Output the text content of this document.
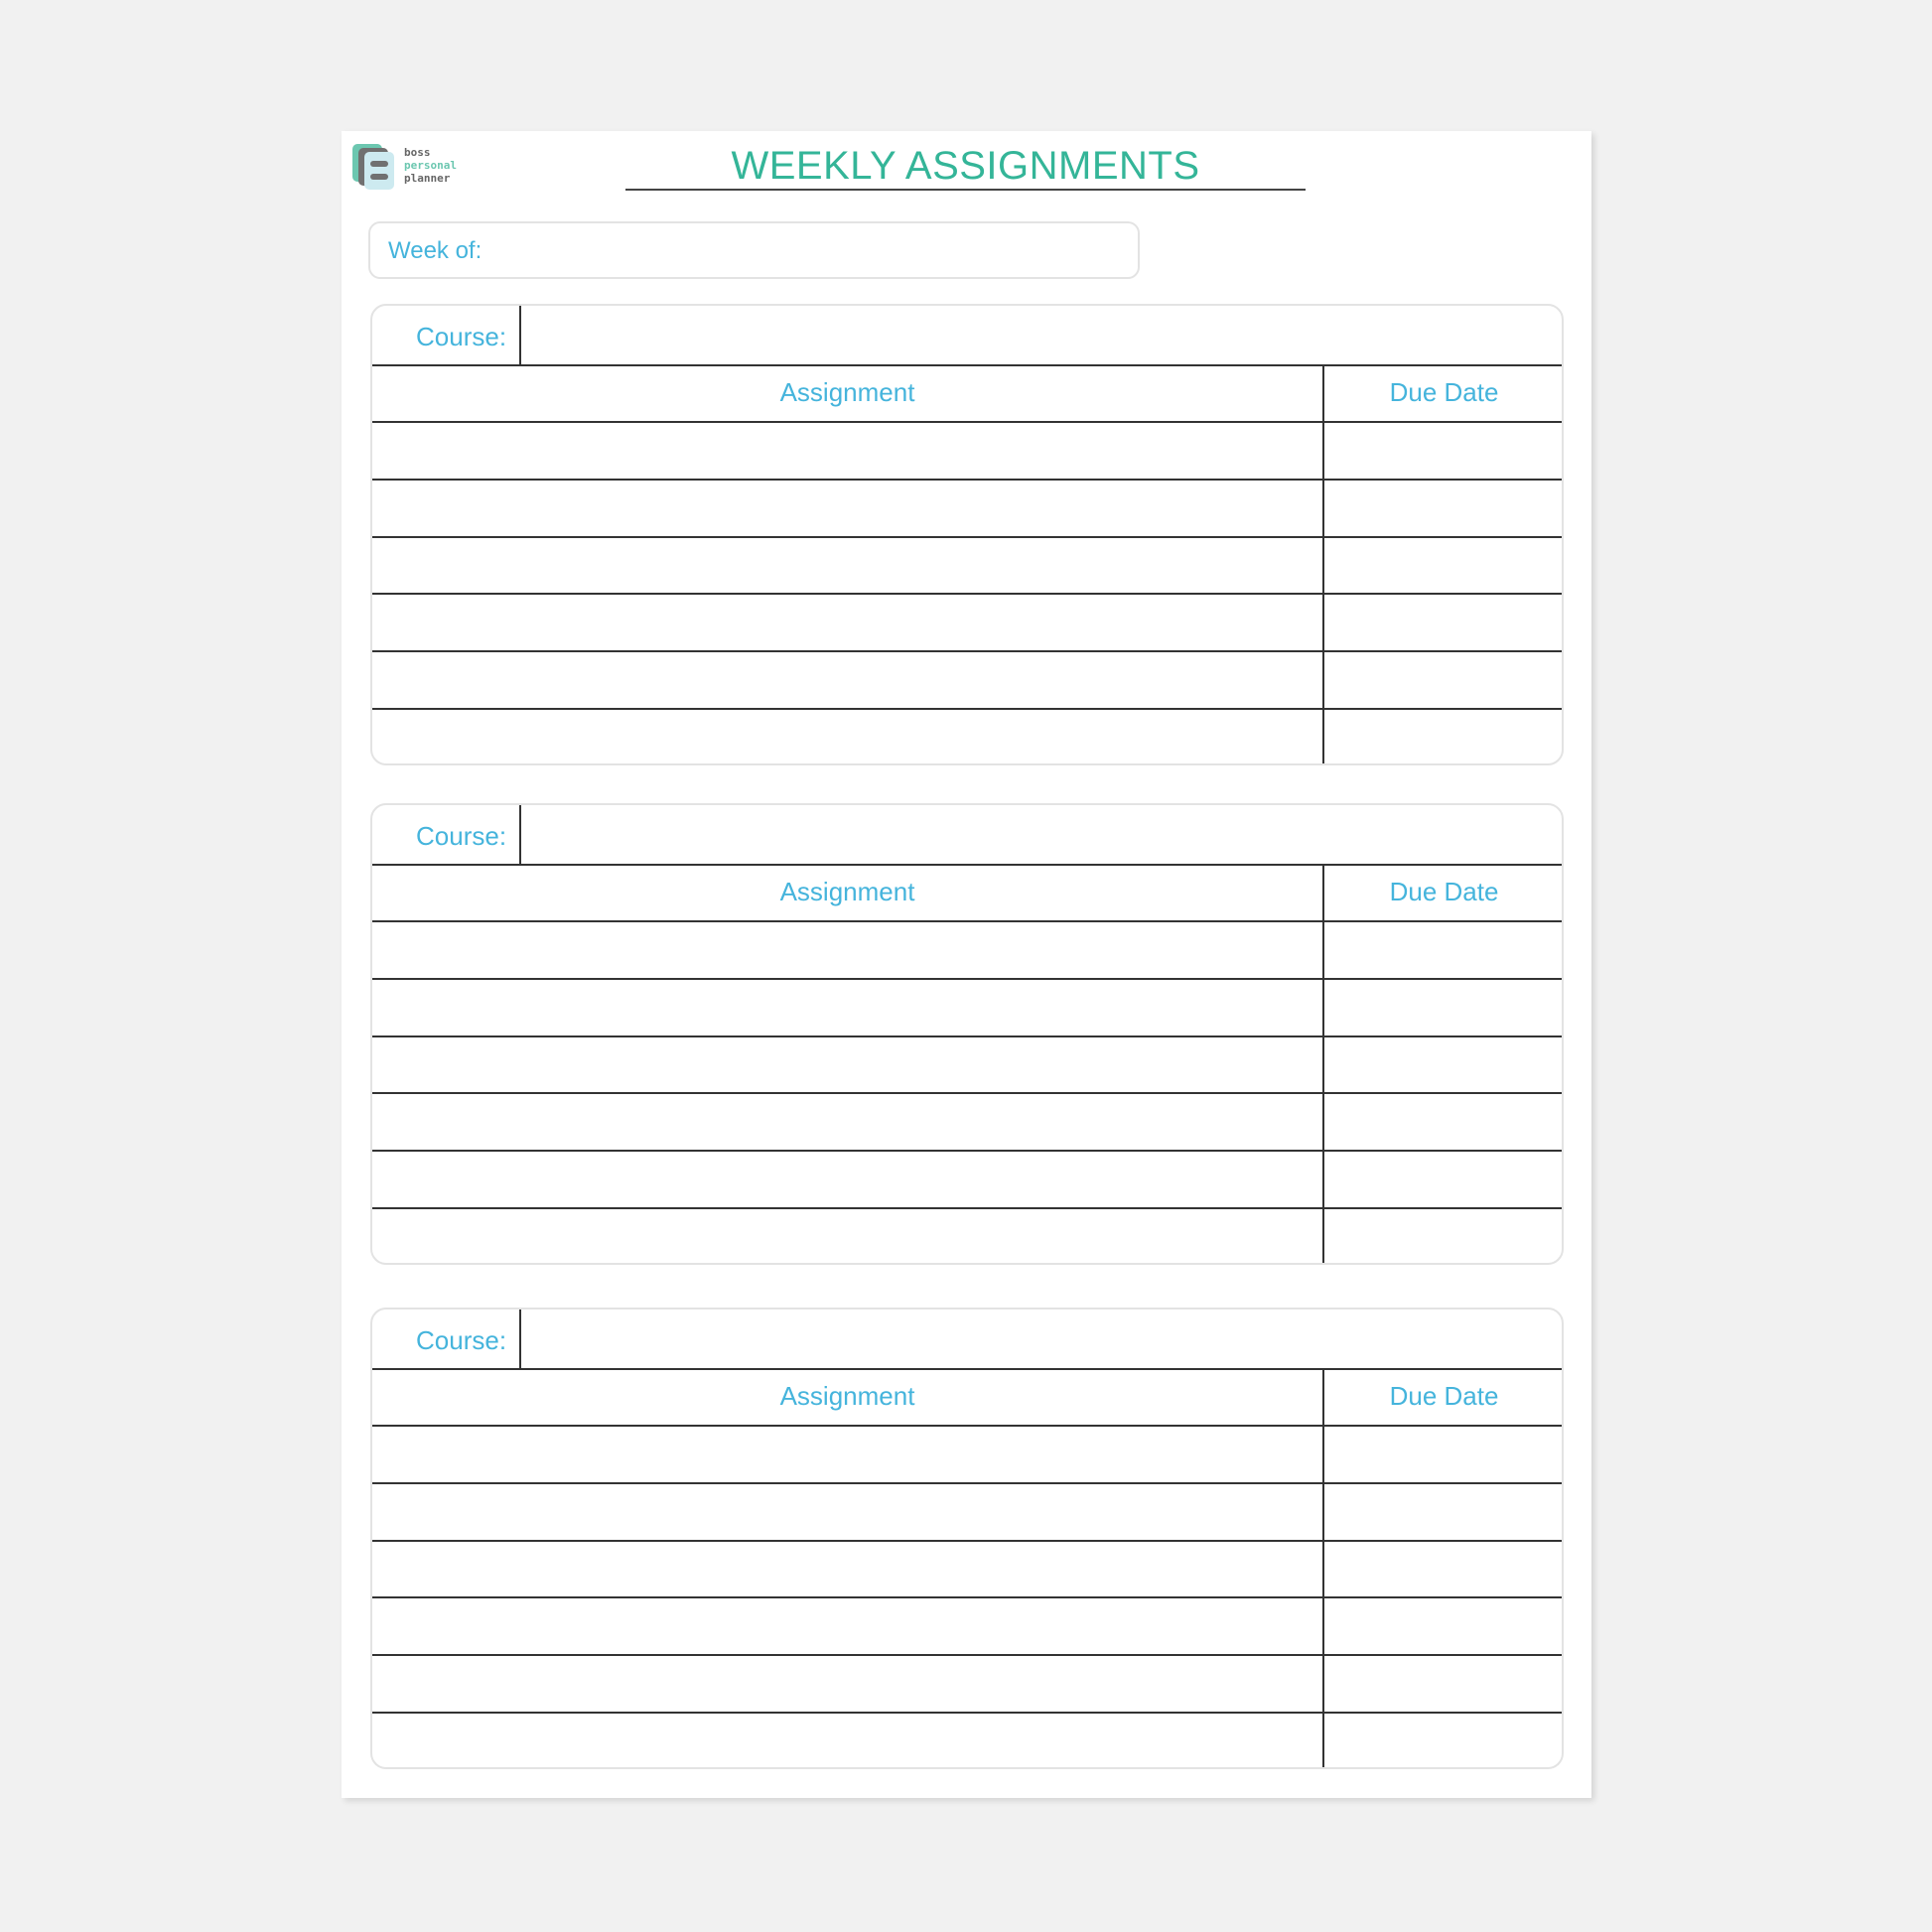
boss
personal
planner	WEEKLY ASSIGNMENTS
Week of:
Course:
Assignment	Due Date
Course:
Assignment	Due Date
Course:
Assignment	Due Date
